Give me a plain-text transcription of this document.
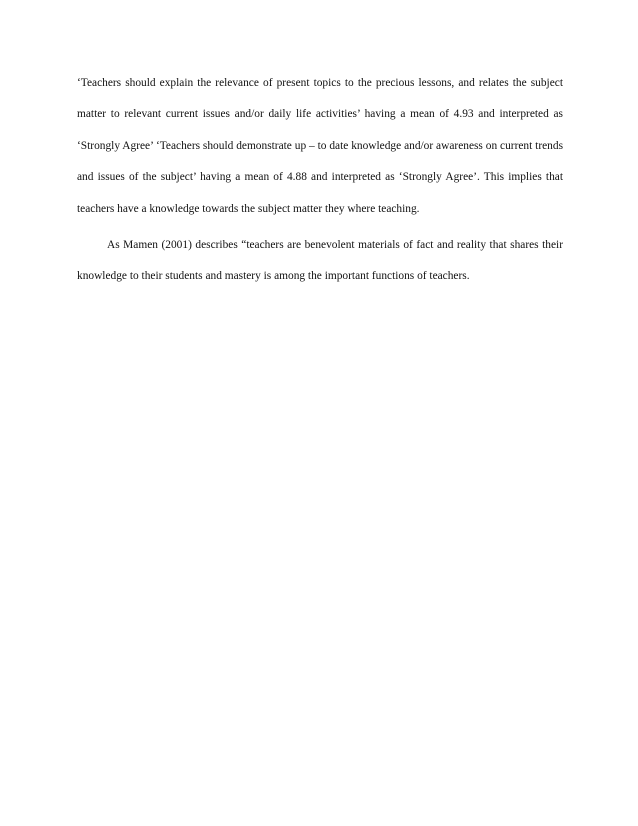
‘Teachers should explain the relevance of present topics to the precious lessons, and relates the subject matter to relevant current issues and/or daily life activities’ having a mean of 4.93 and interpreted as ‘Strongly Agree’ ‘Teachers should demonstrate up – to date knowledge and/or awareness on current trends and issues of the subject’ having a mean of 4.88 and interpreted as ‘Strongly Agree’. This implies that teachers have a knowledge towards the subject matter they where teaching.

As Mamen (2001) describes “teachers are benevolent materials of fact and reality that shares their knowledge to their students and mastery is among the important functions of teachers.
